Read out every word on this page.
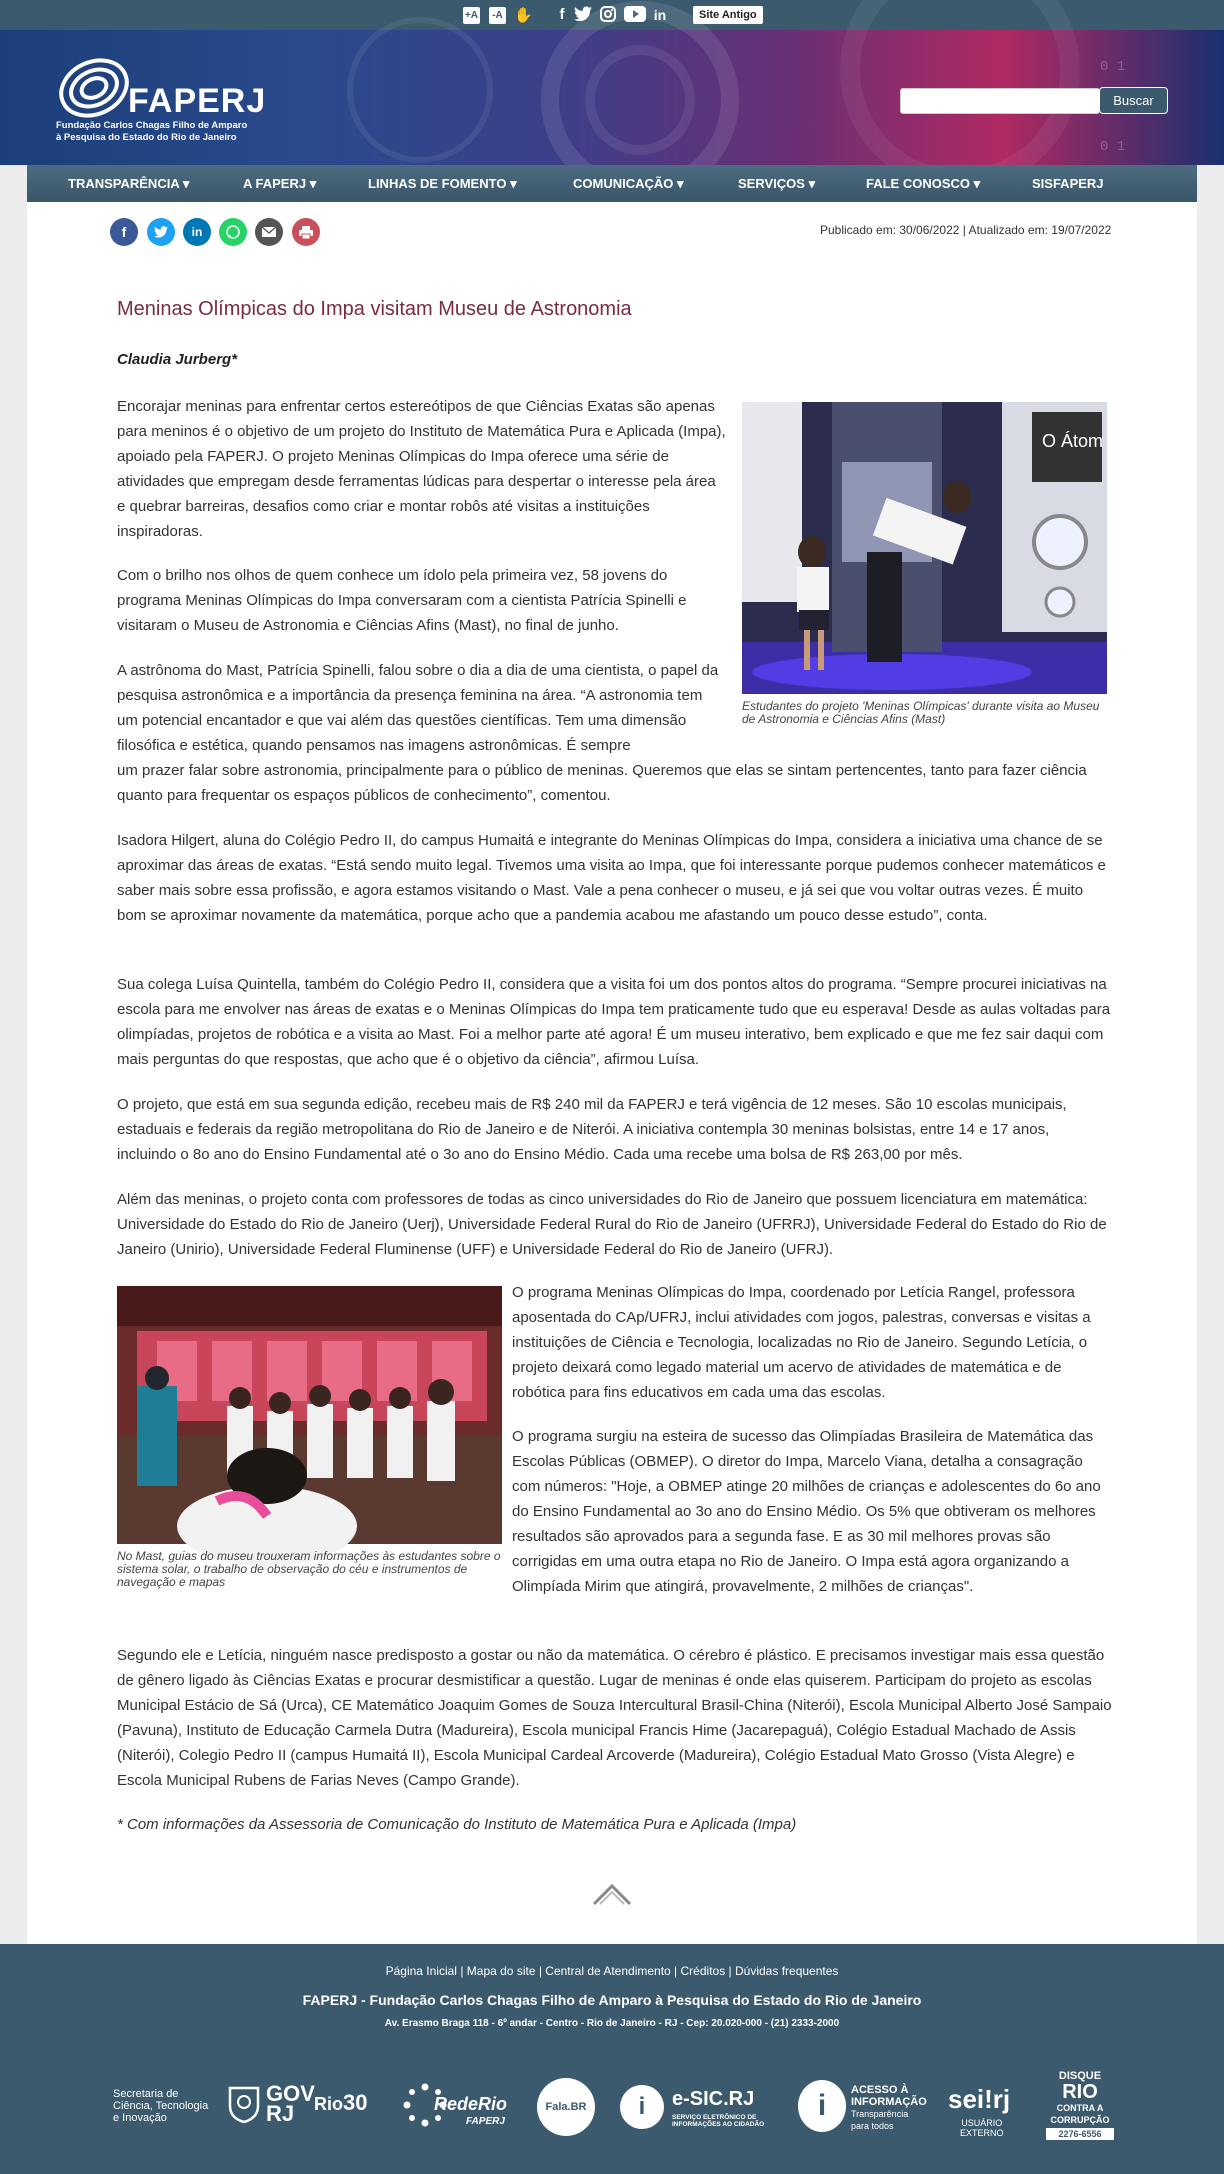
+A	-A ✋	f	in	Site Antigo
0 1
0 1
FAPERJ
Fundação Carlos Chagas Filho de Amparo
à Pesquisa do Estado do Rio de Janeiro
Buscar
TRANSPARÊNCIA ▾	A FAPERJ ▾	LINHAS DE FOMENTO ▾	COMUNICAÇÃO ▾	SERVIÇOS ▾	FALE CONOSCO ▾	SISFAPERJ
f	in	Publicado em: 30/06/2022 | Atualizado em: 19/07/2022
Meninas Olímpicas do Impa visitam Museu de Astronomia
Claudia Jurberg*

Encorajar meninas para enfrentar certos estereótipos de que Ciências Exatas são apenas para meninos é o objetivo de um projeto do Instituto de Matemática Pura e Aplicada (Impa), apoiado pela FAPERJ. O projeto Meninas Olímpicas do Impa oferece uma série de atividades que empregam desde ferramentas lúdicas para despertar o interesse pela área e quebrar barreiras, desafios como criar e montar robôs até visitas a instituições inspiradoras.

Com o brilho nos olhos de quem conhece um ídolo pela primeira vez, 58 jovens do programa Meninas Olímpicas do Impa conversaram com a cientista Patrícia Spinelli e visitaram o Museu de Astronomia e Ciências Afins (Mast), no final de junho.

A astrônoma do Mast, Patrícia Spinelli, falou sobre o dia a dia de uma cientista, o papel da pesquisa astronômica e a importância da presença feminina na área. “A astronomia tem um potencial encantador e que vai além das questões científicas. Tem uma dimensão filosófica e estética, quando pensamos nas imagens astronômicas. É sempre

um prazer falar sobre astronomia, principalmente para o público de meninas. Queremos que elas se sintam pertencentes, tanto para fazer ciência quanto para frequentar os espaços públicos de conhecimento”, comentou.

O Átom é Pop
Estudantes do projeto 'Meninas Olímpicas' durante visita ao Museu de Astronomia e Ciências Afins (Mast)

Isadora Hilgert, aluna do Colégio Pedro II, do campus Humaitá e integrante do Meninas Olímpicas do Impa, considera a iniciativa uma chance de se aproximar das áreas de exatas. “Está sendo muito legal. Tivemos uma visita ao Impa, que foi interessante porque pudemos conhecer matemáticos e saber mais sobre essa profissão, e agora estamos visitando o Mast. Vale a pena conhecer o museu, e já sei que vou voltar outras vezes. É muito bom se aproximar novamente da matemática, porque acho que a pandemia acabou me afastando um pouco desse estudo”, conta.

Sua colega Luísa Quintella, também do Colégio Pedro II, considera que a visita foi um dos pontos altos do programa. “Sempre procurei iniciativas na escola para me envolver nas áreas de exatas e o Meninas Olímpicas do Impa tem praticamente tudo que eu esperava! Desde as aulas voltadas para olimpíadas, projetos de robótica e a visita ao Mast. Foi a melhor parte até agora! É um museu interativo, bem explicado e que me fez sair daqui com mais perguntas do que respostas, que acho que é o objetivo da ciência”, afirmou Luísa.

O projeto, que está em sua segunda edição, recebeu mais de R$ 240 mil da FAPERJ e terá vigência de 12 meses. São 10 escolas municipais, estaduais e federais da região metropolitana do Rio de Janeiro e de Niterói. A iniciativa contempla 30 meninas bolsistas, entre 14 e 17 anos, incluindo o 8o ano do Ensino Fundamental até o 3o ano do Ensino Médio. Cada uma recebe uma bolsa de R$ 263,00 por mês.

Além das meninas, o projeto conta com professores de todas as cinco universidades do Rio de Janeiro que possuem licenciatura em matemática: Universidade do Estado do Rio de Janeiro (Uerj), Universidade Federal Rural do Rio de Janeiro (UFRRJ), Universidade Federal do Estado do Rio de Janeiro (Unirio), Universidade Federal Fluminense (UFF) e Universidade Federal do Rio de Janeiro (UFRJ).

No Mast, guias do museu trouxeram informações às estudantes sobre o sistema solar, o trabalho de observação do céu e instrumentos de navegação e mapas

O programa Meninas Olímpicas do Impa, coordenado por Letícia Rangel, professora aposentada do CAp/UFRJ, inclui atividades com jogos, palestras, conversas e visitas a instituições de Ciência e Tecnologia, localizadas no Rio de Janeiro. Segundo Letícia, o projeto deixará como legado material um acervo de atividades de matemática e de robótica para fins educativos em cada uma das escolas.

O programa surgiu na esteira de sucesso das Olimpíadas Brasileira de Matemática das Escolas Públicas (OBMEP). O diretor do Impa, Marcelo Viana, detalha a consagração com números: "Hoje, a OBMEP atinge 20 milhões de crianças e adolescentes do 6o ano do Ensino Fundamental ao 3o ano do Ensino Médio. Os 5% que obtiveram os melhores resultados são aprovados para a segunda fase. E as 30 mil melhores provas são corrigidas em uma outra etapa no Rio de Janeiro. O Impa está agora organizando a Olimpíada Mirim que atingirá, provavelmente, 2 milhões de crianças".

Segundo ele e Letícia, ninguém nasce predisposto a gostar ou não da matemática. O cérebro é plástico. E precisamos investigar mais essa questão de gênero ligado às Ciências Exatas e procurar desmistificar a questão. Lugar de meninas é onde elas quiserem. Participam do projeto as escolas Municipal Estácio de Sá (Urca), CE Matemático Joaquim Gomes de Souza Intercultural Brasil-China (Niterói), Escola Municipal Alberto José Sampaio (Pavuna), Instituto de Educação Carmela Dutra (Madureira), Escola municipal Francis Hime (Jacarepaguá), Colégio Estadual Machado de Assis (Niterói), Colegio Pedro II (campus Humaitá II), Escola Municipal Cardeal Arcoverde (Madureira), Colégio Estadual Mato Grosso (Vista Alegre) e Escola Municipal Rubens de Farias Neves (Campo Grande).

* Com informações da Assessoria de Comunicação do Instituto de Matemática Pura e Aplicada (Impa)
Página Inicial | Mapa do site | Central de Atendimento | Créditos | Dúvidas frequentes
FAPERJ - Fundação Carlos Chagas Filho de Amparo à Pesquisa do Estado do Rio de Janeiro
Av. Erasmo Braga 118 - 6º andar - Centro - Rio de Janeiro - RJ - Cep: 20.020-000 - (21) 2333-2000
Secretaria de
Ciência, Tecnologia
e Inovação
GOV RJ	Rio30	RedeRio
FAPERJ
Fala.BR	i	e-SIC.RJ
SERVIÇO ELETRÔNICO DE INFORMAÇÕES AO CIDADÃO
i	ACESSO À
INFORMAÇÃO
Transparência
para todos
sei!rj
USUÁRIO
EXTERNO
DISQUE
RIO
CONTRA A
CORRUPÇÃO
2276-6556
